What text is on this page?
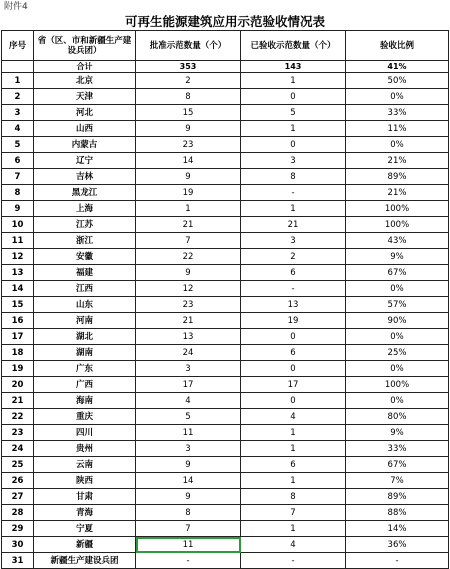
附件4
可再生能源建筑应用示范验收情况表
序号	省（区、市和新疆生产建设兵团）	批准示范数量（个）	已验收示范数量（个）	验收比例
	合计	353	143	41%
1	北京	2	1	50%
2	天津	8	0	0%
3	河北	15	5	33%
4	山西	9	1	11%
5	内蒙古	23	0	0%
6	辽宁	14	3	21%
7	吉林	9	8	89%
8	黑龙江	19	-	21%
9	上海	1	1	100%
10	江苏	21	21	100%
11	浙江	7	3	43%
12	安徽	22	2	9%
13	福建	9	6	67%
14	江西	12	-	0%
15	山东	23	13	57%
16	河南	21	19	90%
17	湖北	13	0	0%
18	湖南	24	6	25%
19	广东	3	0	0%
20	广西	17	17	100%
21	海南	4	0	0%
22	重庆	5	4	80%
23	四川	11	1	9%
24	贵州	3	1	33%
25	云南	9	6	67%
26	陕西	14	1	7%
27	甘肃	9	8	89%
28	青海	8	7	88%
29	宁夏	7	1	14%
30	新疆	11	4	36%
31	新疆生产建设兵团	-	-	-
